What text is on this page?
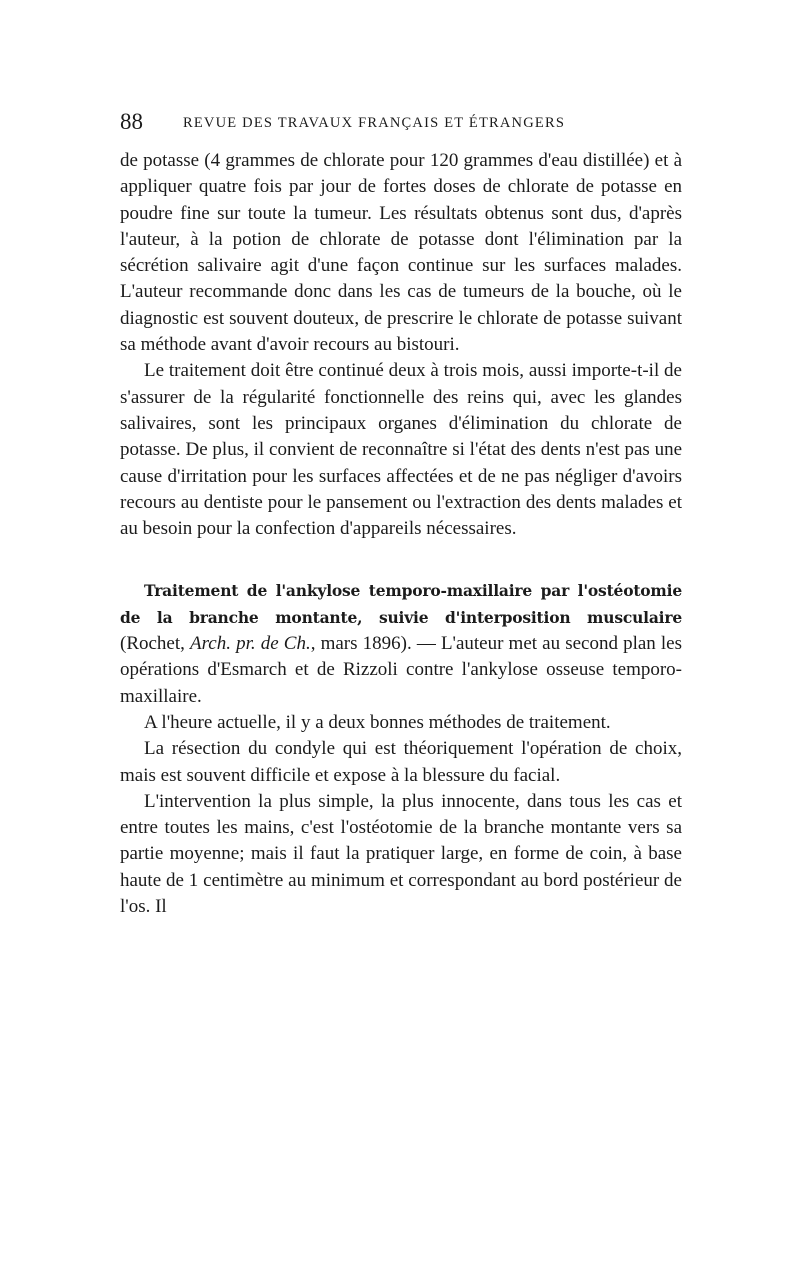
88	REVUE DES TRAVAUX FRANÇAIS ET ÉTRANGERS

de potasse (4 grammes de chlorate pour 120 grammes d'eau distillée) et à appliquer quatre fois par jour de fortes doses de chlorate de potasse en poudre fine sur toute la tumeur. Les résultats obtenus sont dus, d'après l'auteur, à la potion de chlorate de potasse dont l'élimination par la sécrétion salivaire agit d'une façon continue sur les surfaces malades. L'auteur recommande donc dans les cas de tumeurs de la bouche, où le diagnostic est souvent douteux, de prescrire le chlorate de potasse suivant sa méthode avant d'avoir recours au bistouri.

Le traitement doit être continué deux à trois mois, aussi importe-t-il de s'assurer de la régularité fonctionnelle des reins qui, avec les glandes salivaires, sont les principaux organes d'élimination du chlorate de potasse. De plus, il convient de reconnaître si l'état des dents n'est pas une cause d'irritation pour les surfaces affectées et de ne pas négliger d'avoirs recours au dentiste pour le pansement ou l'extraction des dents malades et au besoin pour la confection d'appareils nécessaires.

Traitement de l'ankylose temporo-maxillaire par l'ostéotomie de la branche montante, suivie d'interposition musculaire (Rochet, Arch. pr. de Ch., mars 1896). — L'auteur met au second plan les opérations d'Esmarch et de Rizzoli contre l'ankylose osseuse temporo-maxillaire.

A l'heure actuelle, il y a deux bonnes méthodes de traitement.

La résection du condyle qui est théoriquement l'opération de choix, mais est souvent difficile et expose à la blessure du facial.

L'intervention la plus simple, la plus innocente, dans tous les cas et entre toutes les mains, c'est l'ostéotomie de la branche montante vers sa partie moyenne; mais il faut la pratiquer large, en forme de coin, à base haute de 1 centimètre au minimum et correspondant au bord postérieur de l'os. Il
